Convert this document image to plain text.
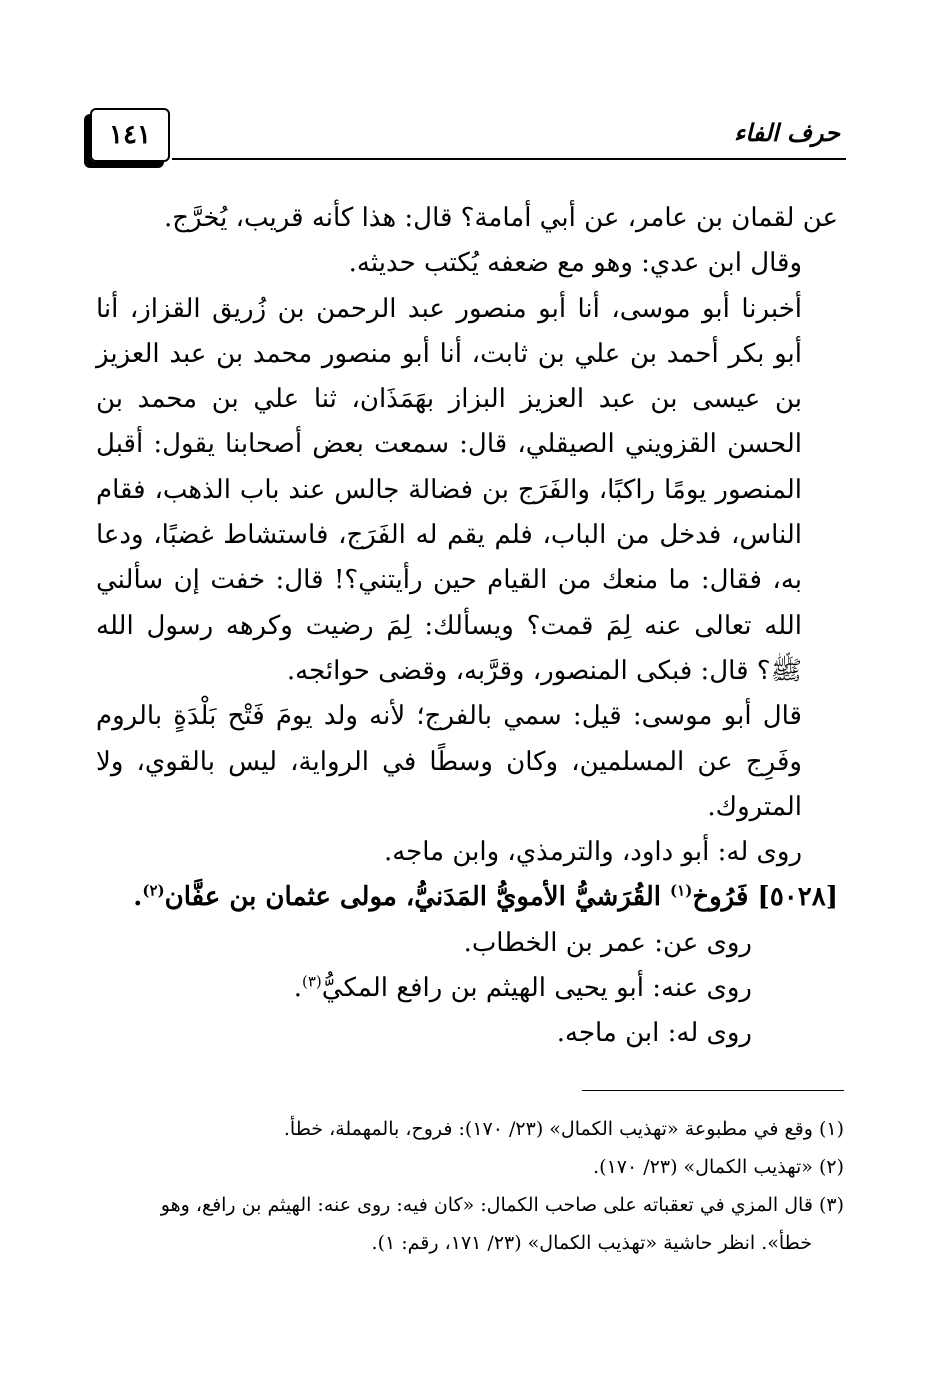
١٤١	حرف الفاء

عن لقمان بن عامر، عن أبي أمامة؟ قال: هذا كأنه قريب، يُخرَّج.

وقال ابن عدي: وهو مع ضعفه يُكتب حديثه.

أخبرنا أبو موسى، أنا أبو منصور عبد الرحمن بن زُريق القزاز، أنا أبو بكر أحمد بن علي بن ثابت، أنا أبو منصور محمد بن عبد العزيز بن عيسى بن عبد العزيز البزاز بهَمَذَان، ثنا علي بن محمد بن الحسن القزويني الصيقلي، قال: سمعت بعض أصحابنا يقول: أقبل المنصور يومًا راكبًا، والفَرَج بن فضالة جالس عند باب الذهب، فقام الناس، فدخل من الباب، فلم يقم له الفَرَج، فاستشاط غضبًا، ودعا به، فقال: ما منعك من القيام حين رأيتني؟! قال: خفت إن سألني الله تعالى عنه لِمَ قمت؟ ويسألك: لِمَ رضيت وكرهه رسول الله ﷺ؟ قال: فبكى المنصور، وقرَّبه، وقضى حوائجه.

قال أبو موسى: قيل: سمي بالفرج؛ لأنه ولد يومَ فَتْح بَلْدَةٍ بالروم وفَرِج عن المسلمين، وكان وسطًا في الرواية، ليس بالقوي، ولا المتروك.

روى له: أبو داود، والترمذي، وابن ماجه.

[٥٠٢٨] فَرُوخ$^{(١)}$ القُرَشيُّ الأمويُّ المَدَنيُّ، مولى عثمان بن عفَّان$^{(٢)}$.

روى عن: عمر بن الخطاب.

روى عنه: أبو يحيى الهيثم بن رافع المكيُّ$^{(٣)}$.

روى له: ابن ماجه.

(١) وقع في مطبوعة «تهذيب الكمال» (٢٣/ ١٧٠): فروح، بالمهملة، خطأ.

(٢) «تهذيب الكمال» (٢٣/ ١٧٠).

(٣) قال المزي في تعقباته على صاحب الكمال: «كان فيه: روى عنه: الهيثم بن رافع، وهو

خطأ». انظر حاشية «تهذيب الكمال» (٢٣/ ١٧١، رقم: ١).
